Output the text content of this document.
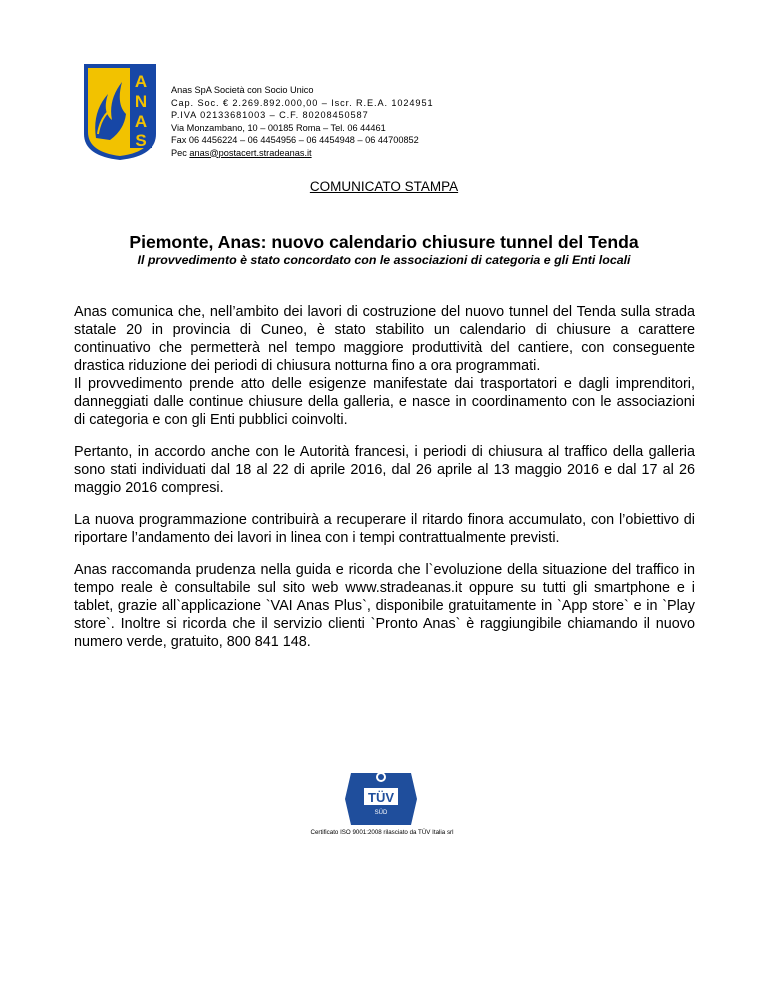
A
N
A
S
Anas SpA Società con Socio Unico
Cap. Soc. € 2.269.892.000,00 – Iscr. R.E.A. 1024951
P.IVA 02133681003 – C.F. 80208450587
Via Monzambano, 10 – 00185 Roma – Tel. 06 44461
Fax 06 4456224 – 06 4454956 – 06 4454948 – 06 44700852
Pec anas@postacert.stradeanas.it
COMUNICATO STAMPA
Piemonte, Anas: nuovo calendario chiusure tunnel del Tenda
Il provvedimento è stato concordato con le associazioni di categoria e gli Enti locali

Anas comunica che, nell’ambito dei lavori di costruzione del nuovo tunnel del Tenda sulla strada statale 20 in provincia di Cuneo, è stato stabilito un calendario di chiusure a carattere continuativo che permetterà nel tempo maggiore produttività del cantiere, con conseguente drastica riduzione dei periodi di chiusura notturna fino a ora programmati.

Il provvedimento prende atto delle esigenze manifestate dai trasportatori e dagli imprenditori, danneggiati dalle continue chiusure della galleria, e nasce in coordinamento con le associazioni di categoria e con gli Enti pubblici coinvolti.

Pertanto, in accordo anche con le Autorità francesi, i periodi di chiusura al traffico della galleria sono stati individuati dal 18 al 22 di aprile 2016, dal 26 aprile al 13 maggio 2016 e dal 17 al 26 maggio 2016 compresi.

La nuova programmazione contribuirà a recuperare il ritardo finora accumulato, con l’obiettivo di riportare l’andamento dei lavori in linea con i tempi contrattualmente previsti.

Anas raccomanda prudenza nella guida e ricorda che l`evoluzione della situazione del traffico in tempo reale è consultabile sul sito web www.stradeanas.it oppure su tutti gli smartphone e i tablet, grazie all`applicazione `VAI Anas Plus`, disponibile gratuitamente in `App store` e in `Play store`. Inoltre si ricorda che il servizio clienti `Pronto Anas` è raggiungibile chiamando il nuovo numero verde, gratuito, 800 841 148.

TÜV
SÜD
Certificato ISO 9001:2008 rilasciato da TÜV Italia srl
